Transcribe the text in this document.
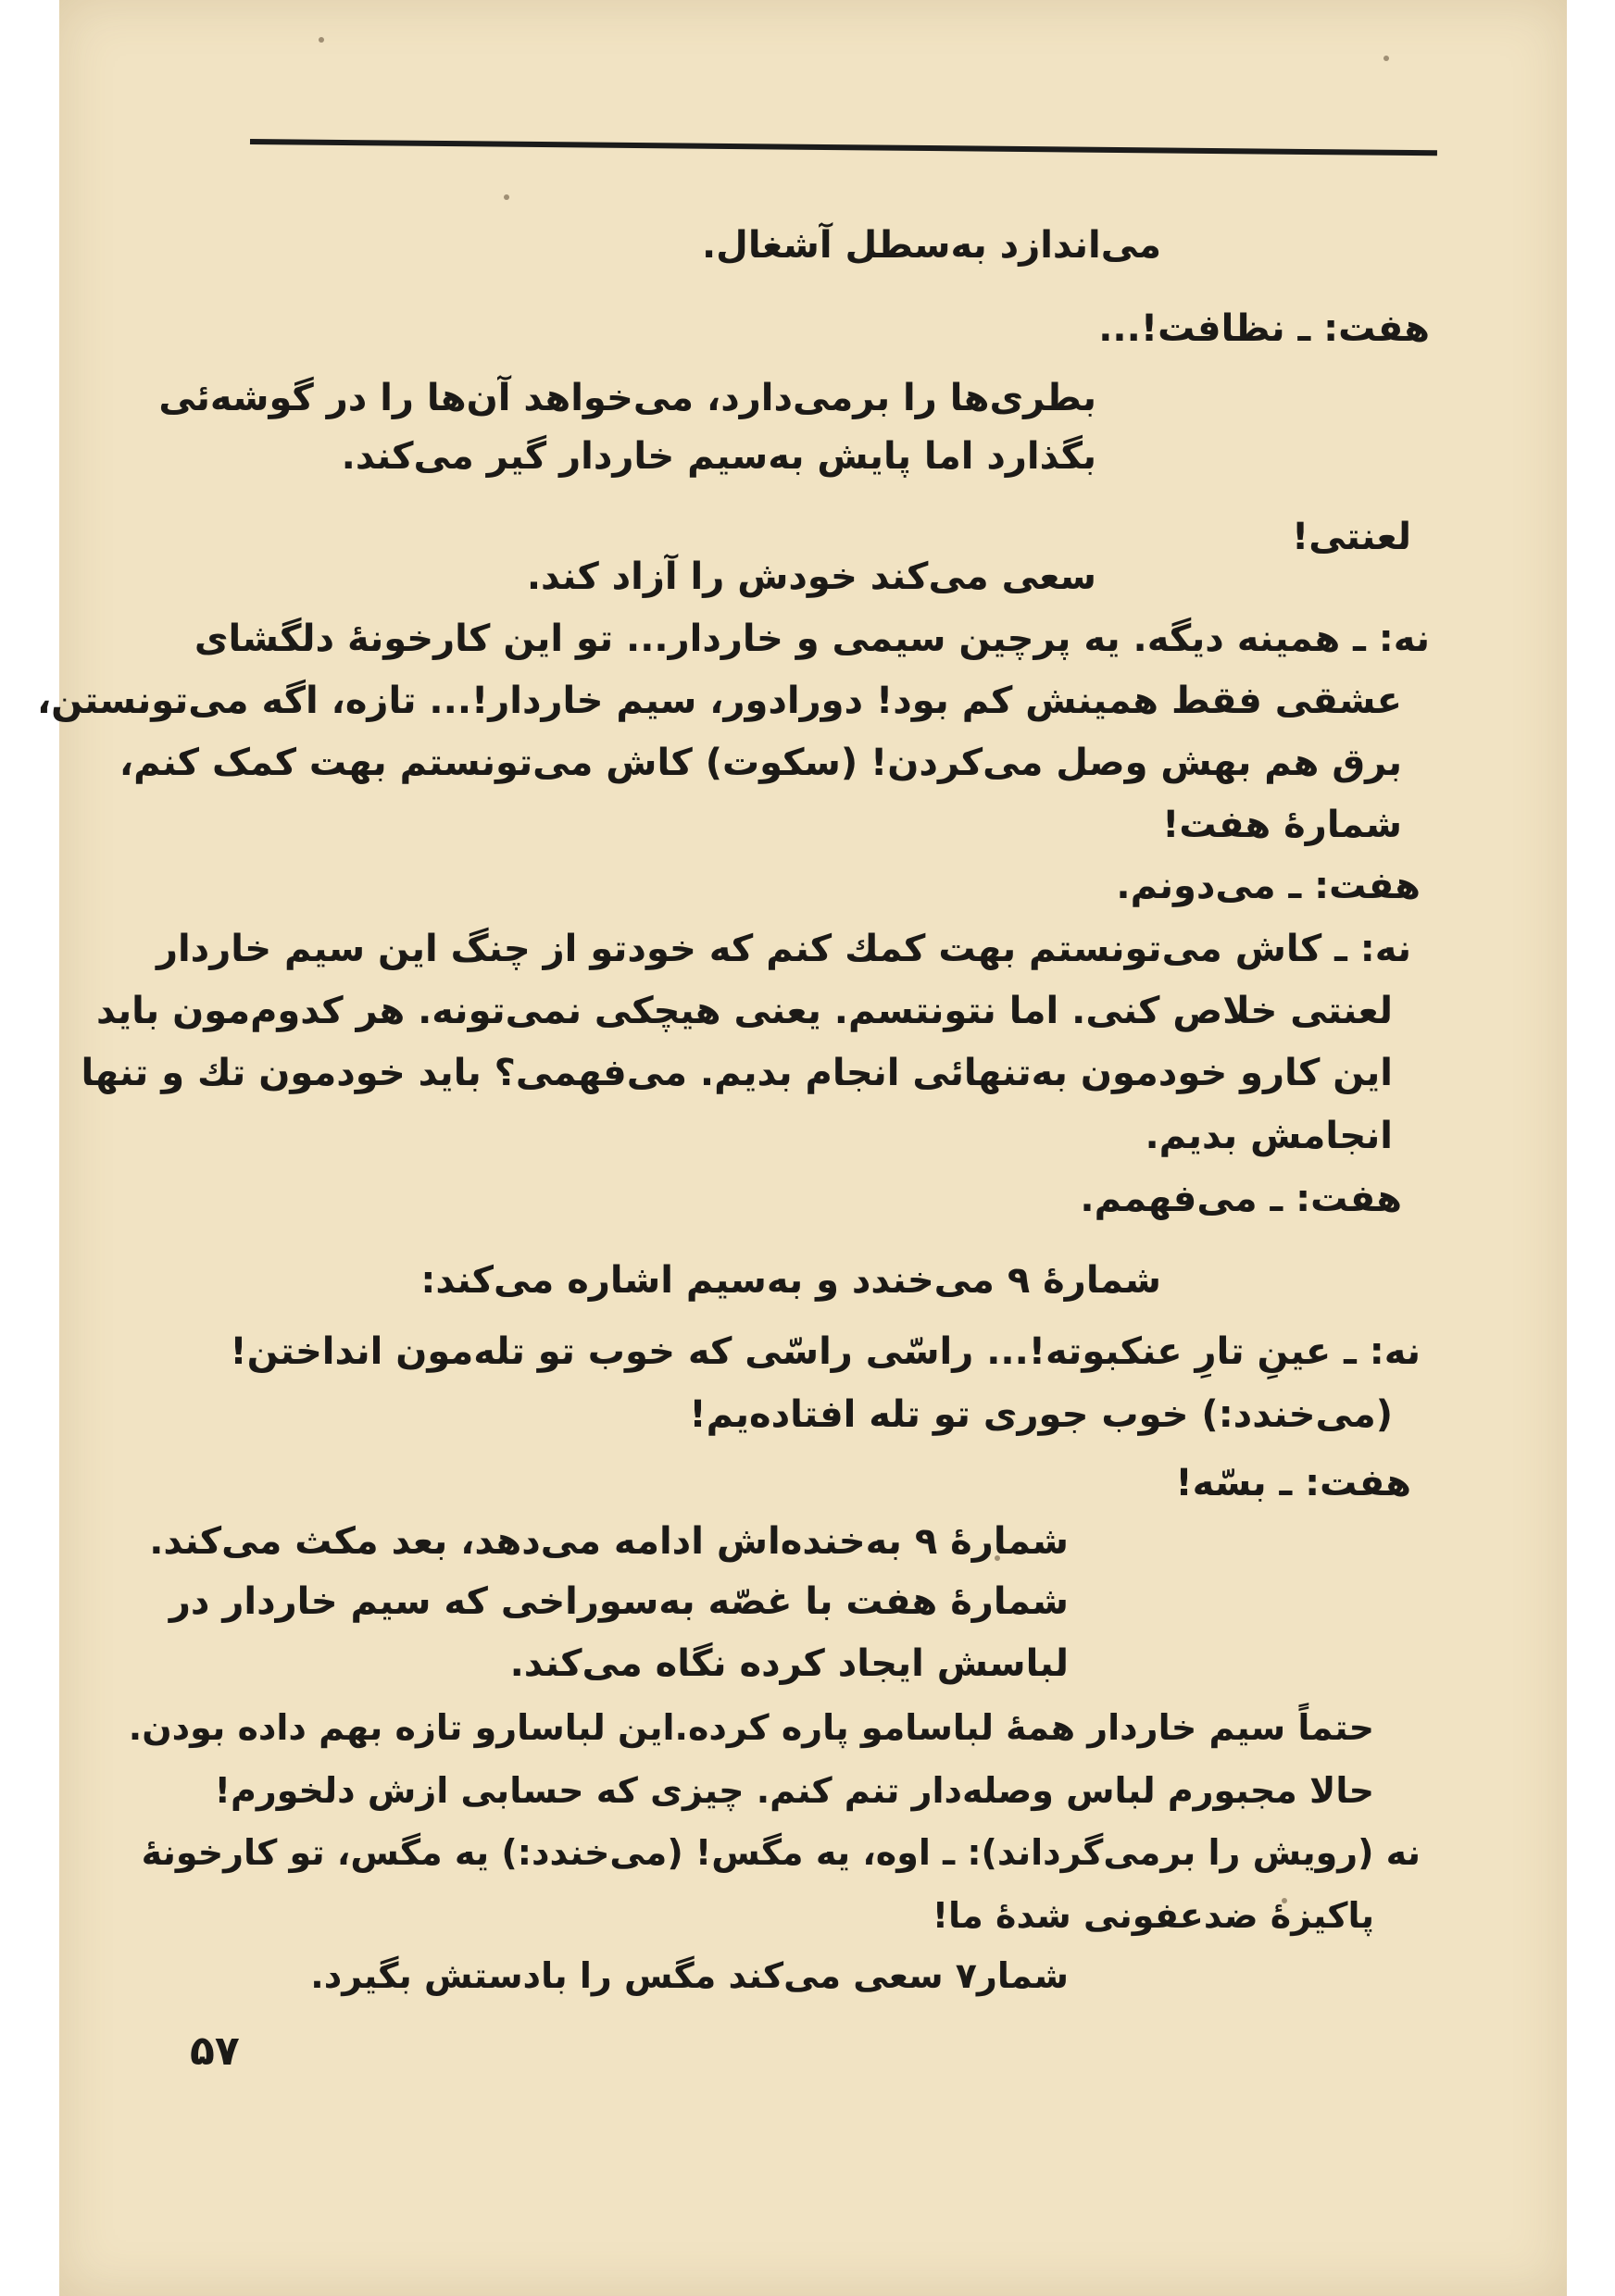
می‌اندازد به‌سطل آشغال.
هفت: ـ نظافت!...
بطری‌ها را برمی‌دارد، می‌خواهد آن‌ها را در گوشه‌ئی
بگذارد اما پایش به‌سیم خاردار گیر می‌کند.
لعنتی!
سعی می‌کند خودش را آزاد کند.
نه: ـ همینه دیگه. یه پرچین سیمی و خاردار... تو این کارخونهٔ دلگشای
عشقی فقط همینش کم بود! دورادور، سیم خاردار!... تازه، اگه می‌تونستن،
برق هم بهش وصل می‌کردن! (سکوت) کاش می‌تونستم بهت کمک کنم،
شمارهٔ هفت!
هفت: ـ می‌دونم.
نه: ـ کاش می‌تونستم بهت کمك کنم که خودتو از چنگ این سیم خاردار
لعنتی خلاص کنی. اما نتونتسم. یعنی هیچکی نمی‌تونه. هر کدوم‌مون باید
این کارو خودمون به‌تنهائی انجام بدیم. می‌فهمی؟ باید خودمون تك و تنها
انجامش بدیم.
هفت: ـ می‌فهمم.
شمارهٔ ۹ می‌خندد و به‌سیم اشاره می‌کند:
نه: ـ عینِ تارِ عنکبوته!... راسّی راسّی که خوب تو تله‌مون انداختن!
(می‌خندد:) خوب جوری تو تله افتاده‌یم!
هفت: ـ بسّه!
شمارهٔ ۹ به‌خنده‌اش ادامه می‌دهد، بعد مکث می‌کند.
شمارهٔ هفت با غصّه به‌سوراخی که سیم خاردار در
لباسش ایجاد کرده نگاه می‌کند.
حتماً سیم خاردار همهٔ لباسامو پاره کرده.این لباسارو تازه بهم داده بودن.
حالا مجبورم لباس وصله‌دار تنم کنم. چیزی که حسابی ازش دلخورم!
نه (رویش را برمی‌گرداند): ـ اوه، یه مگس! (می‌خندد:) یه مگس، تو کارخونهٔ
پاکیزهٔ ضدعفونی شدهٔ ما!
شمار۷ سعی می‌کند مگس را بادستش بگیرد.
۵۷
